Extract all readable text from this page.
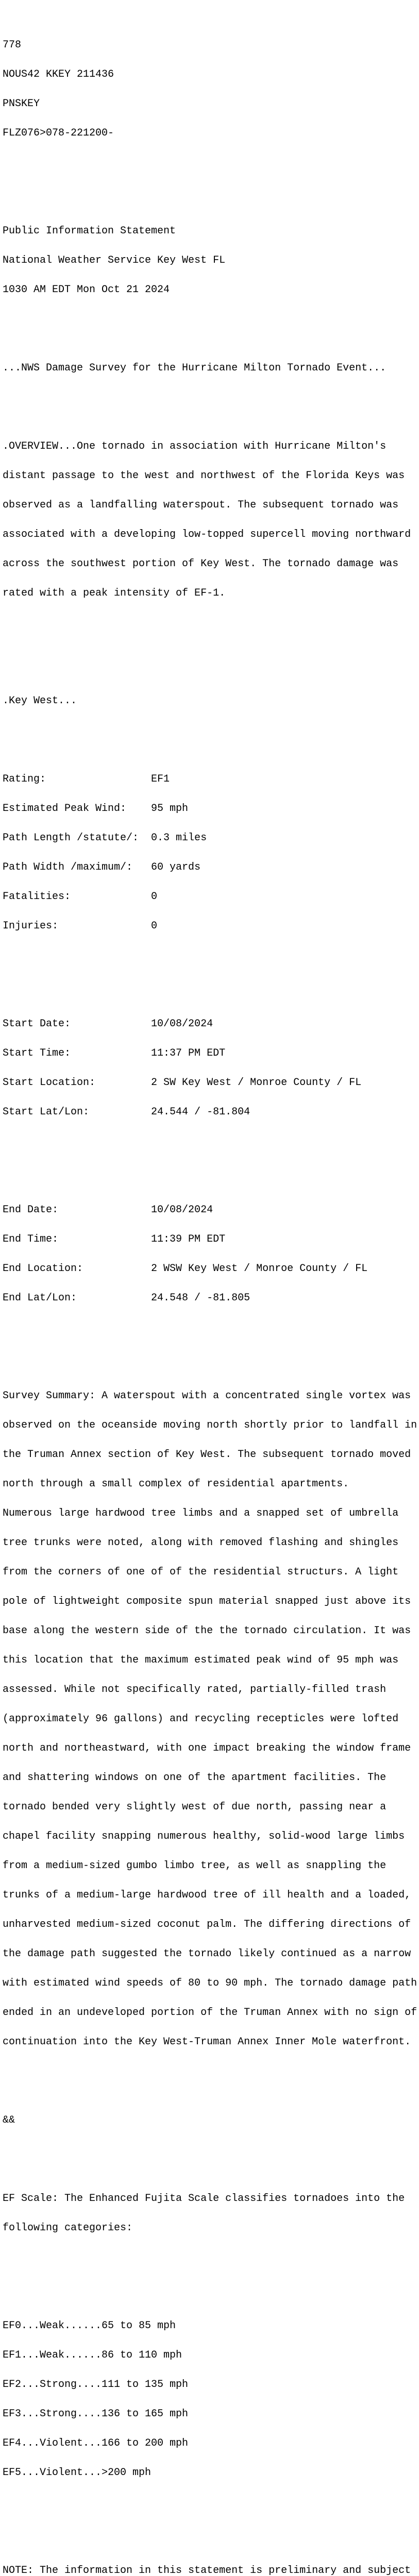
778

NOUS42 KKEY 211436

PNSKEY

FLZ076>078-221200-

Public Information Statement

National Weather Service Key West FL

1030 AM EDT Mon Oct 21 2024

...NWS Damage Survey for the Hurricane Milton Tornado Event...

.OVERVIEW...One tornado in association with Hurricane Milton's

distant passage to the west and northwest of the Florida Keys was

observed as a landfalling waterspout. The subsequent tornado was

associated with a developing low-topped supercell moving northward

across the southwest portion of Key West. The tornado damage was

rated with a peak intensity of EF-1.

.Key West...

Rating:                 EF1

Estimated Peak Wind:    95 mph

Path Length /statute/:  0.3 miles

Path Width /maximum/:   60 yards

Fatalities:             0

Injuries:               0

Start Date:             10/08/2024

Start Time:             11:37 PM EDT

Start Location:         2 SW Key West / Monroe County / FL

Start Lat/Lon:          24.544 / -81.804

End Date:               10/08/2024

End Time:               11:39 PM EDT

End Location:           2 WSW Key West / Monroe County / FL

End Lat/Lon:            24.548 / -81.805

Survey Summary: A waterspout with a concentrated single vortex was

observed on the oceanside moving north shortly prior to landfall in

the Truman Annex section of Key West. The subsequent tornado moved

north through a small complex of residential apartments.

Numerous large hardwood tree limbs and a snapped set of umbrella

tree trunks were noted, along with removed flashing and shingles

from the corners of one of of the residential structurs. A light

pole of lightweight composite spun material snapped just above its

base along the western side of the the tornado circulation. It was

this location that the maximum estimated peak wind of 95 mph was

assessed. While not specifically rated, partially-filled trash

(approximately 96 gallons) and recycling recepticles were lofted

north and northeastward, with one impact breaking the window frame

and shattering windows on one of the apartment facilities. The

tornado bended very slightly west of due north, passing near a

chapel facility snapping numerous healthy, solid-wood large limbs

from a medium-sized gumbo limbo tree, as well as snappling the

trunks of a medium-large hardwood tree of ill health and a loaded,

unharvested medium-sized coconut palm. The differing directions of

the damage path suggested the tornado likely continued as a narrow

with estimated wind speeds of 80 to 90 mph. The tornado damage path

ended in an undeveloped portion of the Truman Annex with no sign of

continuation into the Key West-Truman Annex Inner Mole waterfront.

&&

EF Scale: The Enhanced Fujita Scale classifies tornadoes into the

following categories:

EF0...Weak......65 to 85 mph

EF1...Weak......86 to 110 mph

EF2...Strong....111 to 135 mph

EF3...Strong....136 to 165 mph

EF4...Violent...166 to 200 mph

EF5...Violent...>200 mph

NOTE: The information in this statement is preliminary and subject
